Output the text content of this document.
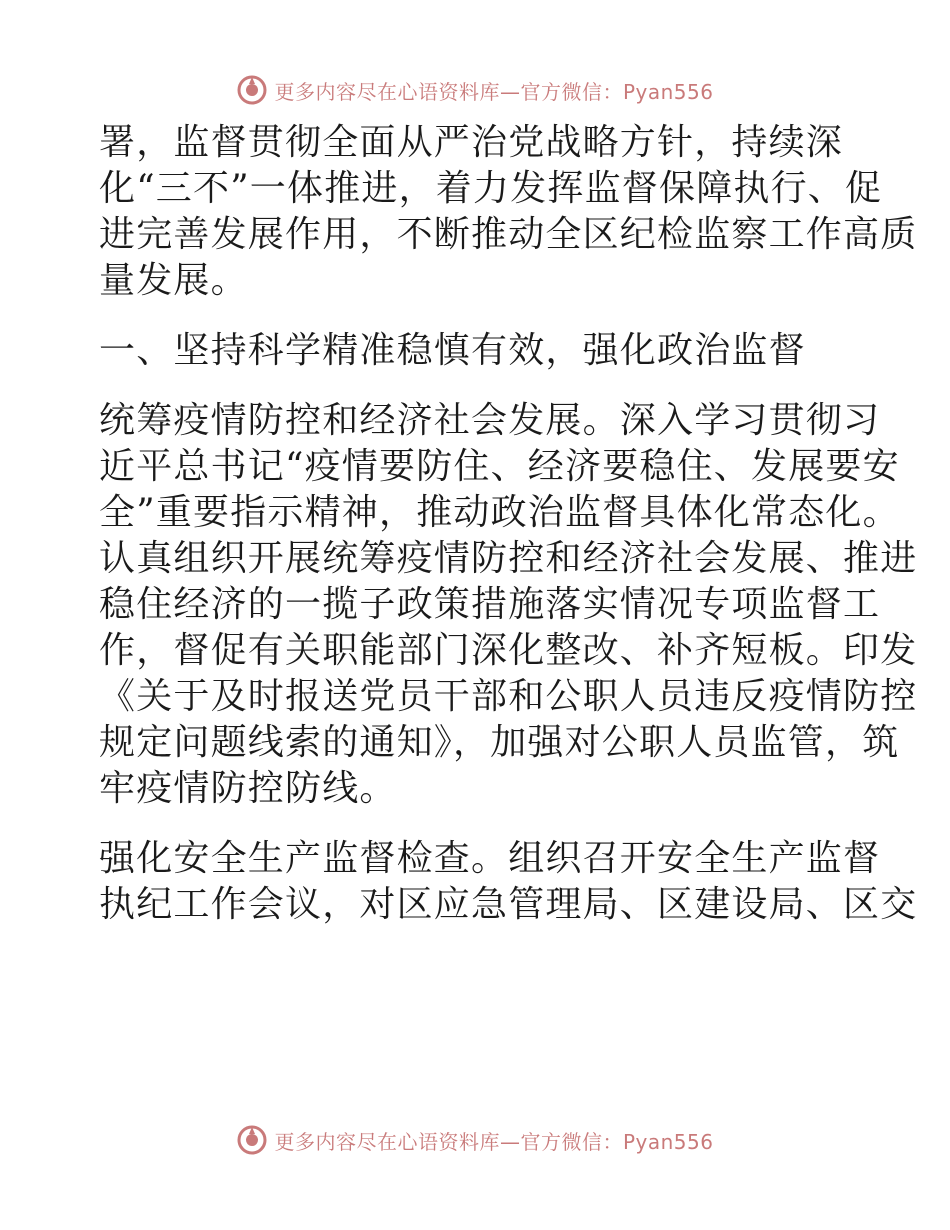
更多内容尽在心语资料库—官方微信：Pyan556
署，监督贯彻全面从严治党战略方针，持续深
化“三不”一体推进，着力发挥监督保障执行、促
进完善发展作用，不断推动全区纪检监察工作高质
量发展。
一、坚持科学精准稳慎有效，强化政治监督
统筹疫情防控和经济社会发展。深入学习贯彻习
近平总书记“疫情要防住、经济要稳住、发展要安
全”重要指示精神，推动政治监督具体化常态化。
认真组织开展统筹疫情防控和经济社会发展、推进
稳住经济的一揽子政策措施落实情况专项监督工
作，督促有关职能部门深化整改、补齐短板。印发
《关于及时报送党员干部和公职人员违反疫情防控
规定问题线索的通知》，加强对公职人员监管，筑
牢疫情防控防线。
强化安全生产监督检查。组织召开安全生产监督
执纪工作会议，对区应急管理局、区建设局、区交
更多内容尽在心语资料库—官方微信：Pyan556
